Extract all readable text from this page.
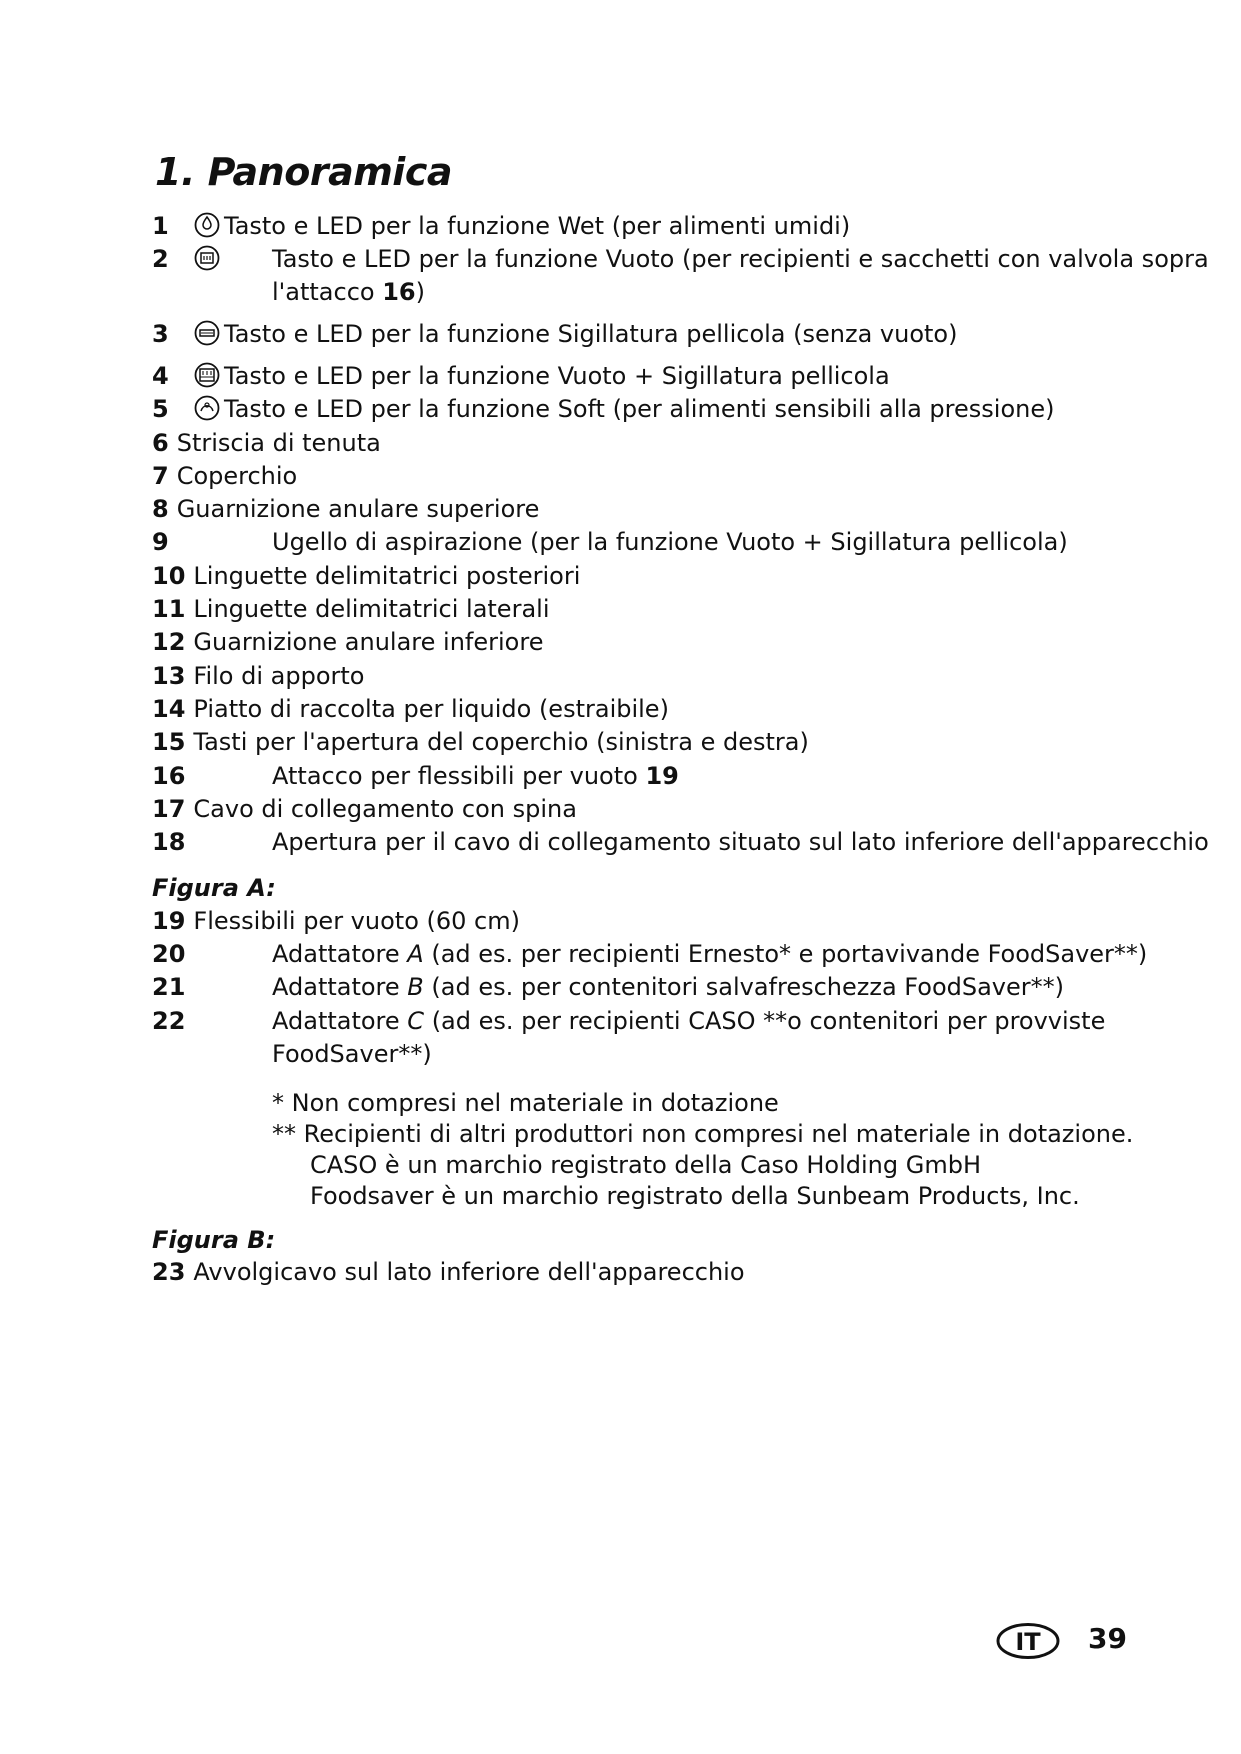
1. Panoramica
1 Tasto e LED per la funzione Wet (per alimenti umidi)
2	Tasto e LED per la funzione Vuoto (per recipienti e sacchetti con valvola sopra
l'attacco 16)
3 Tasto e LED per la funzione Sigillatura pellicola (senza vuoto)
4 Tasto e LED per la funzione Vuoto + Sigillatura pellicola
5 Tasto e LED per la funzione Soft (per alimenti sensibili alla pressione)
6 Striscia di tenuta
7 Coperchio
8 Guarnizione anulare superiore
9	Ugello di aspirazione (per la funzione Vuoto + Sigillatura pellicola)
10 Linguette delimitatrici posteriori
11 Linguette delimitatrici laterali
12 Guarnizione anulare inferiore
13 Filo di apporto
14 Piatto di raccolta per liquido (estraibile)
15 Tasti per l'apertura del coperchio (sinistra e destra)
16	Attacco per flessibili per vuoto 19
17 Cavo di collegamento con spina
18	Apertura per il cavo di collegamento situato sul lato inferiore dell'apparecchio
Figura A:
19 Flessibili per vuoto (60 cm)
20	Adattatore A (ad es. per recipienti Ernesto* e portavivande FoodSaver**)
21	Adattatore B (ad es. per contenitori salvafreschezza FoodSaver**)
22	Adattatore C (ad es. per recipienti CASO **o contenitori per provviste
FoodSaver**)
* Non compresi nel materiale in dotazione
** Recipienti di altri produttori non compresi nel materiale in dotazione.
CASO è un marchio registrato della Caso Holding GmbH
Foodsaver è un marchio registrato della Sunbeam Products, Inc.
Figura B:
23 Avvolgicavo sul lato inferiore dell'apparecchio
IT 39
